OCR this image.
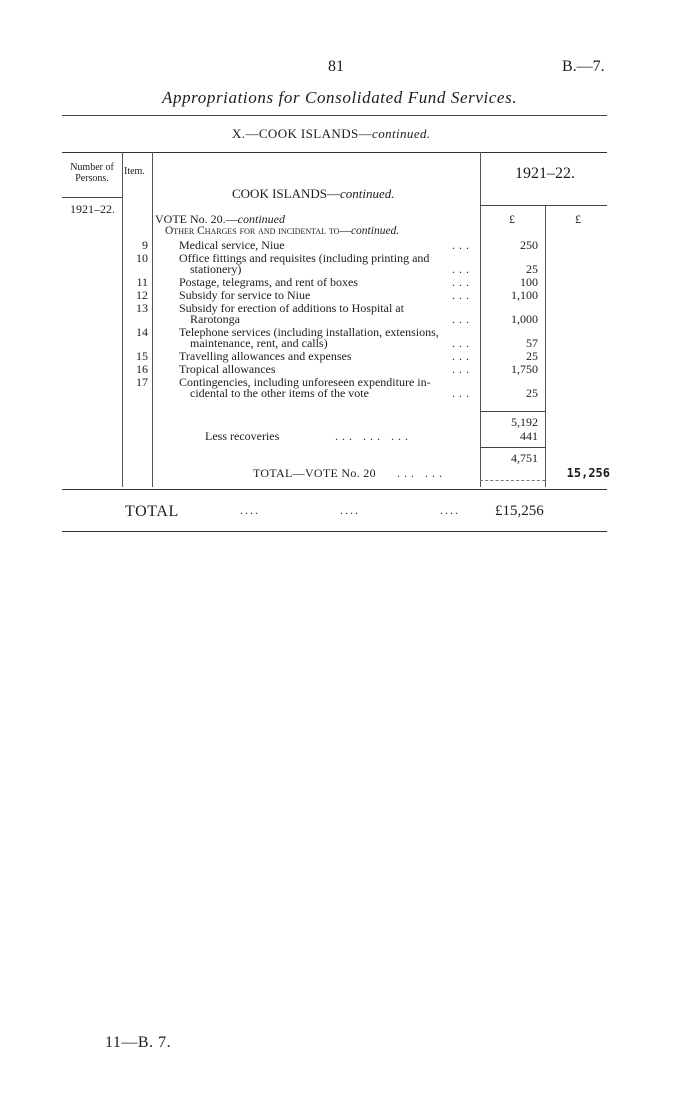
81	B.—7.
Appropriations for Consolidated Fund Services.
X.—COOK ISLANDS—continued.
Number of Persons.
Item.	1921–22.
COOK ISLANDS—continued.
1921–22.
VOTE No. 20.—continued	£	£
Other Charges for and incidental to—continued.
9	Medical service, Niue	250
...
10	Office fittings and requisites (including printing and
stationery)	25
...
11	Postage, telegrams, and rent of boxes	100
...
12	Subsidy for service to Niue	1,100
...
13	Subsidy for erection of additions to Hospital at
Rarotonga	1,000
...
14	Telephone services (including installation, extensions,
maintenance, rent, and calls)	57
...
15	Travelling allowances and expenses	25
...
16	Tropical allowances	1,750
...
17	Contingencies, including unforeseen expenditure in-
cidental to the other items of the vote	25
...
5,192
Less recoveries	... ... ...	441
4,751
TOTAL—VOTE No. 20 ... ...	15,256
TOTAL	....                ....                .... £15,256
11—B. 7.
